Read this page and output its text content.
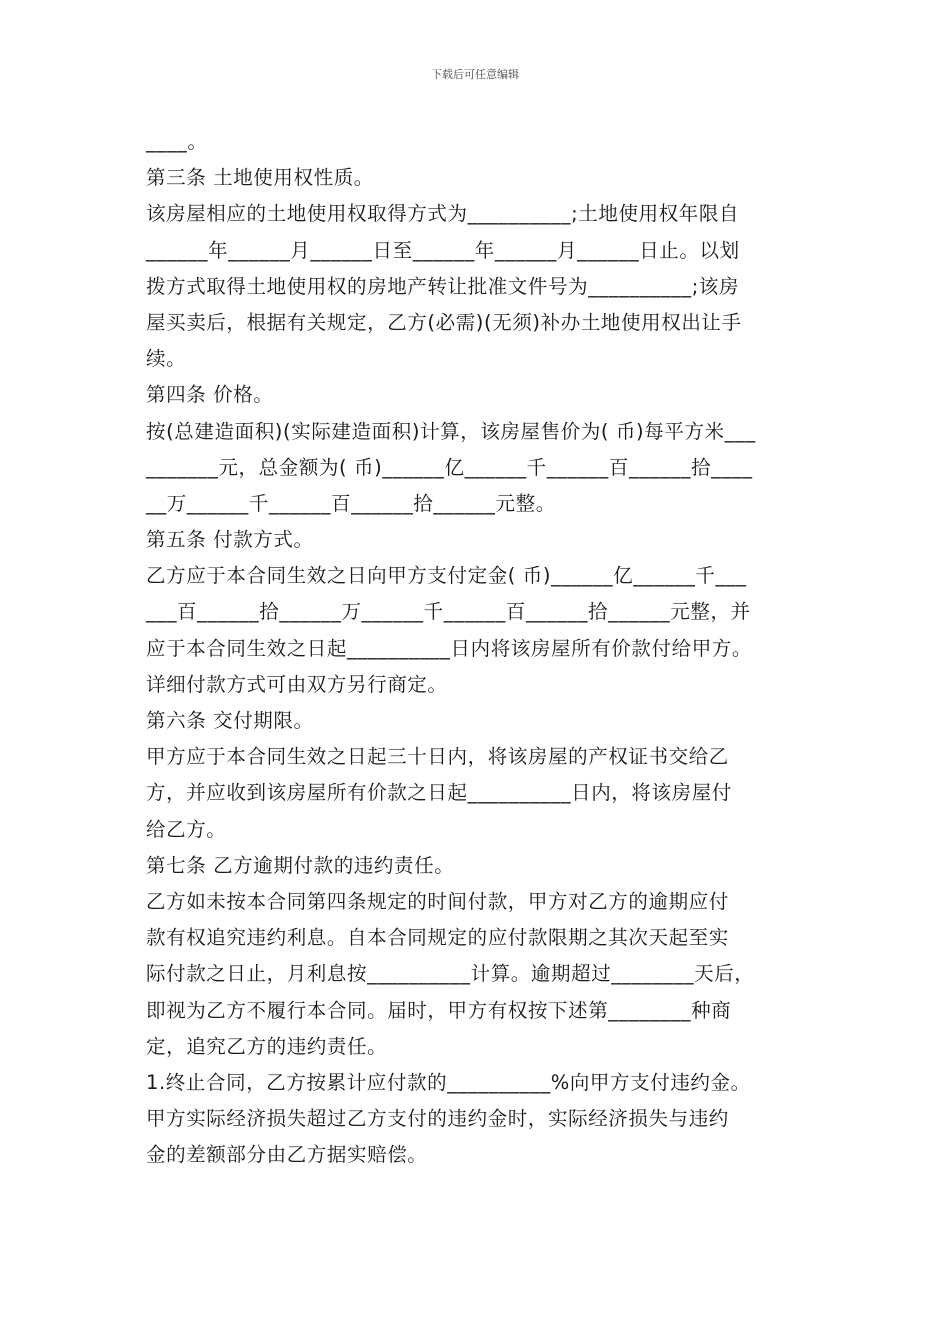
下载后可任意编辑
____。
第三条 土地使用权性质。
该房屋相应的土地使用权取得方式为__________;土地使用权年限自
______年______月______日至______年______月______日止。以划
拨方式取得土地使用权的房地产转让批准文件号为__________;该房
屋买卖后，根据有关规定，乙方(必需)(无须)补办土地使用权出让手
续。
第四条 价格。
按(总建造面积)(实际建造面积)计算，该房屋售价为( 币)每平方米___
_______元，总金额为( 币)______亿______千______百______拾____
__万______千______百______拾______元整。
第五条 付款方式。
乙方应于本合同生效之日向甲方支付定金( 币)______亿______千___
___百______拾______万______千______百______拾______元整，并
应于本合同生效之日起__________日内将该房屋所有价款付给甲方。
详细付款方式可由双方另行商定。
第六条 交付期限。
甲方应于本合同生效之日起三十日内，将该房屋的产权证书交给乙
方，并应收到该房屋所有价款之日起__________日内，将该房屋付
给乙方。
第七条 乙方逾期付款的违约责任。
乙方如未按本合同第四条规定的时间付款，甲方对乙方的逾期应付
款有权追究违约利息。自本合同规定的应付款限期之其次天起至实
际付款之日止，月利息按__________计算。逾期超过________天后，
即视为乙方不履行本合同。届时，甲方有权按下述第________种商
定，追究乙方的违约责任。
1.终止合同，乙方按累计应付款的__________%向甲方支付违约金。
甲方实际经济损失超过乙方支付的违约金时，实际经济损失与违约
金的差额部分由乙方据实赔偿。
